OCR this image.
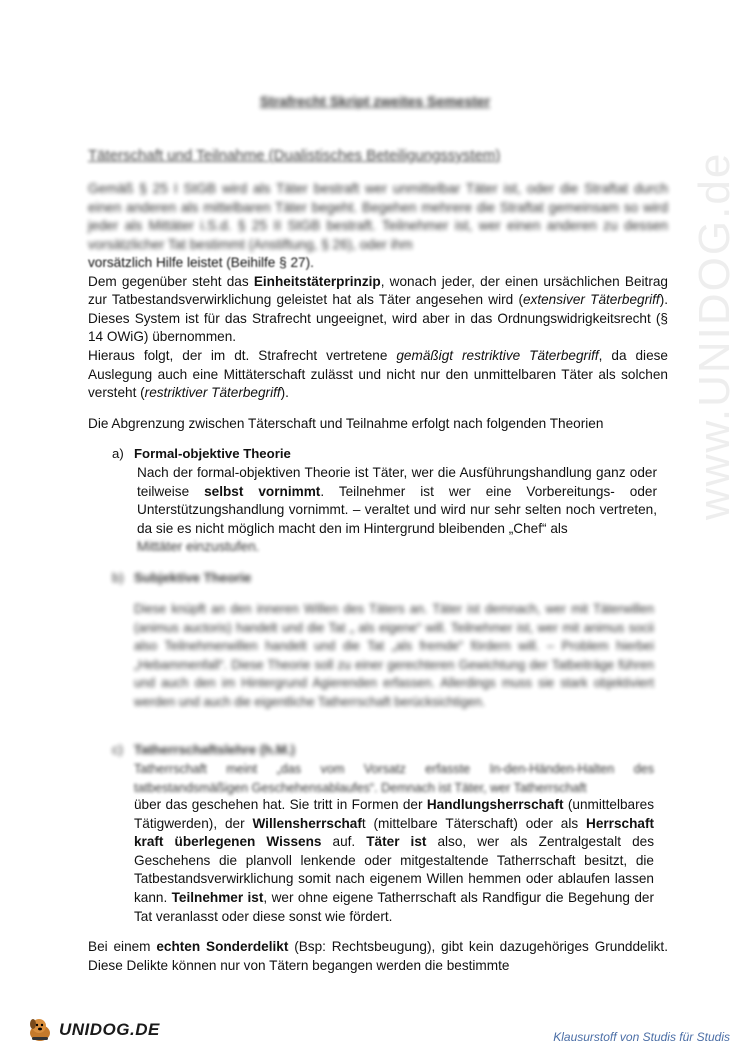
www.UNIDOG.de
Strafrecht Skript zweites Semester
Täterschaft und Teilnahme (Dualistisches Beteiligungssystem)
Gemäß § 25 I StGB wird als Täter bestraft wer unmittelbar Täter ist, oder die Straftat durch einen anderen als mittelbaren Täter begeht. Begehen mehrere die Straftat gemeinsam so wird jeder als Mittäter i.S.d. § 25 II StGB bestraft. Teilnehmer ist, wer einen anderen zu dessen vorsätzlicher Tat bestimmt (Anstiftung, § 26), oder ihm

vorsätzlich Hilfe leistet (Beihilfe § 27).

Dem gegenüber steht das Einheitstäterprinzip, wonach jeder, der einen ursächlichen Beitrag zur Tatbestandsverwirklichung geleistet hat als Täter angesehen wird (extensiver Täterbegriff). Dieses System ist für das Strafrecht ungeeignet, wird aber in das Ordnungswidrigkeitsrecht (§ 14 OWiG) übernommen.

Hieraus folgt, der im dt. Strafrecht vertretene gemäßigt restriktive Täterbegriff, da diese Auslegung auch eine Mittäterschaft zulässt und nicht nur den unmittelbaren Täter als solchen versteht (restriktiver Täterbegriff).

Die Abgrenzung zwischen Täterschaft und Teilnahme erfolgt nach folgenden Theorien

a) Formal-objektive Theorie

Nach der formal-objektiven Theorie ist Täter, wer die Ausführungshandlung ganz oder teilweise selbst vornimmt. Teilnehmer ist wer eine Vorbereitungs- oder Unterstützungshandlung vornimmt. – veraltet und wird nur sehr selten noch vertreten, da sie es nicht möglich macht den im Hintergrund bleibenden „Chef“ als

Mittäter einzustufen.

b) Subjektive Theorie
Diese knüpft an den inneren Willen des Täters an. Täter ist demnach, wer mit Täterwillen (animus auctoris) handelt und die Tat „ als eigene“ will. Teilnehmer ist, wer mit animus socii also Teilnehmerwillen handelt und die Tat „als fremde“ fördern will. – Problem hierbei „Hebammenfall“. Diese Theorie soll zu einer gerechteren Gewichtung der Tatbeiträge führen und auch den im Hintergrund Agierenden erfassen. Allerdings muss sie stark objektiviert werden und auch die eigentliche Tatherrschaft berücksichtigen.
c) Tatherrschaftslehre (h.M.)
Tatherrschaft meint „das vom Vorsatz erfasste In-den-Händen-Halten des tatbestandsmäßigen Geschehensablaufes“. Demnach ist Täter, wer Tatherrschaft

über das geschehen hat. Sie tritt in Formen der Handlungsherrschaft (unmittelbares Tätigwerden), der Willensherrschaft (mittelbare Täterschaft) oder als Herrschaft kraft überlegenen Wissens auf. Täter ist also, wer als Zentralgestalt des Geschehens die planvoll lenkende oder mitgestaltende Tatherrschaft besitzt, die Tatbestandsverwirklichung somit nach eigenem Willen hemmen oder ablaufen lassen kann. Teilnehmer ist, wer ohne eigene Tatherrschaft als Randfigur die Begehung der Tat veranlasst oder diese sonst wie fördert.

Bei einem echten Sonderdelikt (Bsp: Rechtsbeugung), gibt kein dazugehöriges Grunddelikt. Diese Delikte können nur von Tätern begangen werden die bestimmte

UNIDOG.DE	Klausurstoff von Studis für Studis
